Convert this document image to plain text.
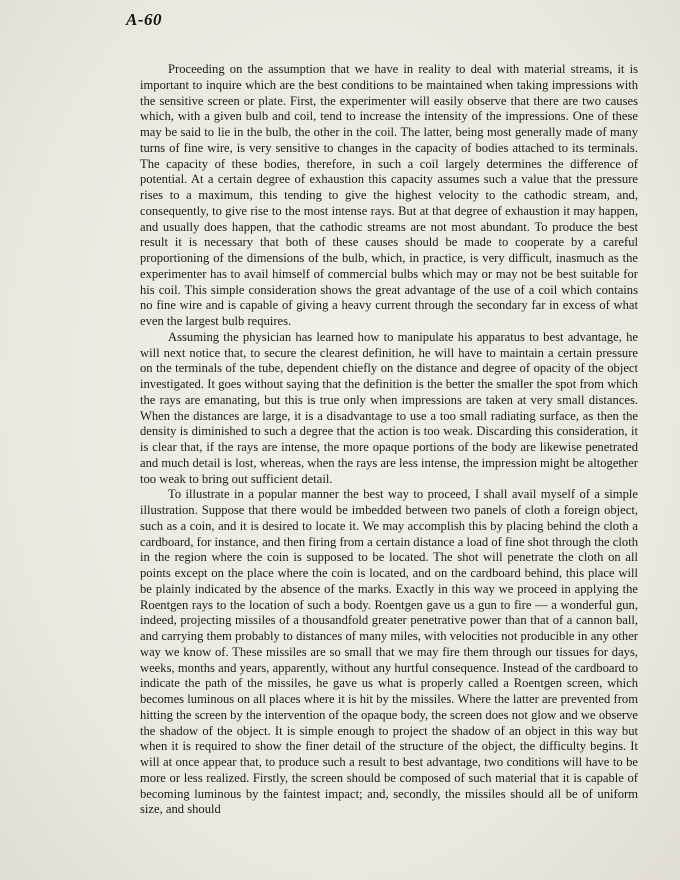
A-60

Proceeding on the assumption that we have in reality to deal with material streams, it is important to inquire which are the best conditions to be maintained when taking impressions with the sensitive screen or plate. First, the experimenter will easily observe that there are two causes which, with a given bulb and coil, tend to increase the intensity of the impressions. One of these may be said to lie in the bulb, the other in the coil. The latter, being most generally made of many turns of fine wire, is very sensitive to changes in the capacity of bodies attached to its terminals. The capacity of these bodies, therefore, in such a coil largely determines the difference of potential. At a certain degree of exhaustion this capacity assumes such a value that the pressure rises to a maximum, this tending to give the highest velocity to the cathodic stream, and, consequently, to give rise to the most intense rays. But at that degree of exhaustion it may happen, and usually does happen, that the cathodic streams are not most abundant. To produce the best result it is necessary that both of these causes should be made to cooperate by a careful proportioning of the dimensions of the bulb, which, in practice, is very difficult, inasmuch as the experimenter has to avail himself of commercial bulbs which may or may not be best suitable for his coil. This simple consideration shows the great advantage of the use of a coil which contains no fine wire and is capable of giving a heavy current through the secondary far in excess of what even the largest bulb requires.

Assuming the physician has learned how to manipulate his apparatus to best advantage, he will next notice that, to secure the clearest definition, he will have to maintain a certain pressure on the terminals of the tube, dependent chiefly on the distance and degree of opacity of the object investigated. It goes without saying that the definition is the better the smaller the spot from which the rays are emanating, but this is true only when impressions are taken at very small distances. When the distances are large, it is a disadvantage to use a too small radiating surface, as then the density is diminished to such a degree that the action is too weak. Discarding this consideration, it is clear that, if the rays are intense, the more opaque portions of the body are likewise penetrated and much detail is lost, whereas, when the rays are less intense, the impression might be altogether too weak to bring out sufficient detail.

To illustrate in a popular manner the best way to proceed, I shall avail myself of a simple illustration. Suppose that there would be imbedded between two panels of cloth a foreign object, such as a coin, and it is desired to locate it. We may accomplish this by placing behind the cloth a cardboard, for instance, and then firing from a certain distance a load of fine shot through the cloth in the region where the coin is supposed to be located. The shot will penetrate the cloth on all points except on the place where the coin is located, and on the cardboard behind, this place will be plainly indicated by the absence of the marks. Exactly in this way we proceed in applying the Roentgen rays to the location of such a body. Roentgen gave us a gun to fire — a wonderful gun, indeed, projecting missiles of a thousandfold greater penetrative power than that of a cannon ball, and carrying them probably to distances of many miles, with velocities not producible in any other way we know of. These missiles are so small that we may fire them through our tissues for days, weeks, months and years, apparently, without any hurtful consequence. Instead of the cardboard to indicate the path of the missiles, he gave us what is properly called a Roentgen screen, which becomes luminous on all places where it is hit by the missiles. Where the latter are prevented from hitting the screen by the intervention of the opaque body, the screen does not glow and we observe the shadow of the object. It is simple enough to project the shadow of an object in this way but when it is required to show the finer detail of the structure of the object, the difficulty begins. It will at once appear that, to produce such a result to best advantage, two conditions will have to be more or less realized. Firstly, the screen should be composed of such material that it is capable of becoming luminous by the faintest impact; and, secondly, the missiles should all be of uniform size, and should
